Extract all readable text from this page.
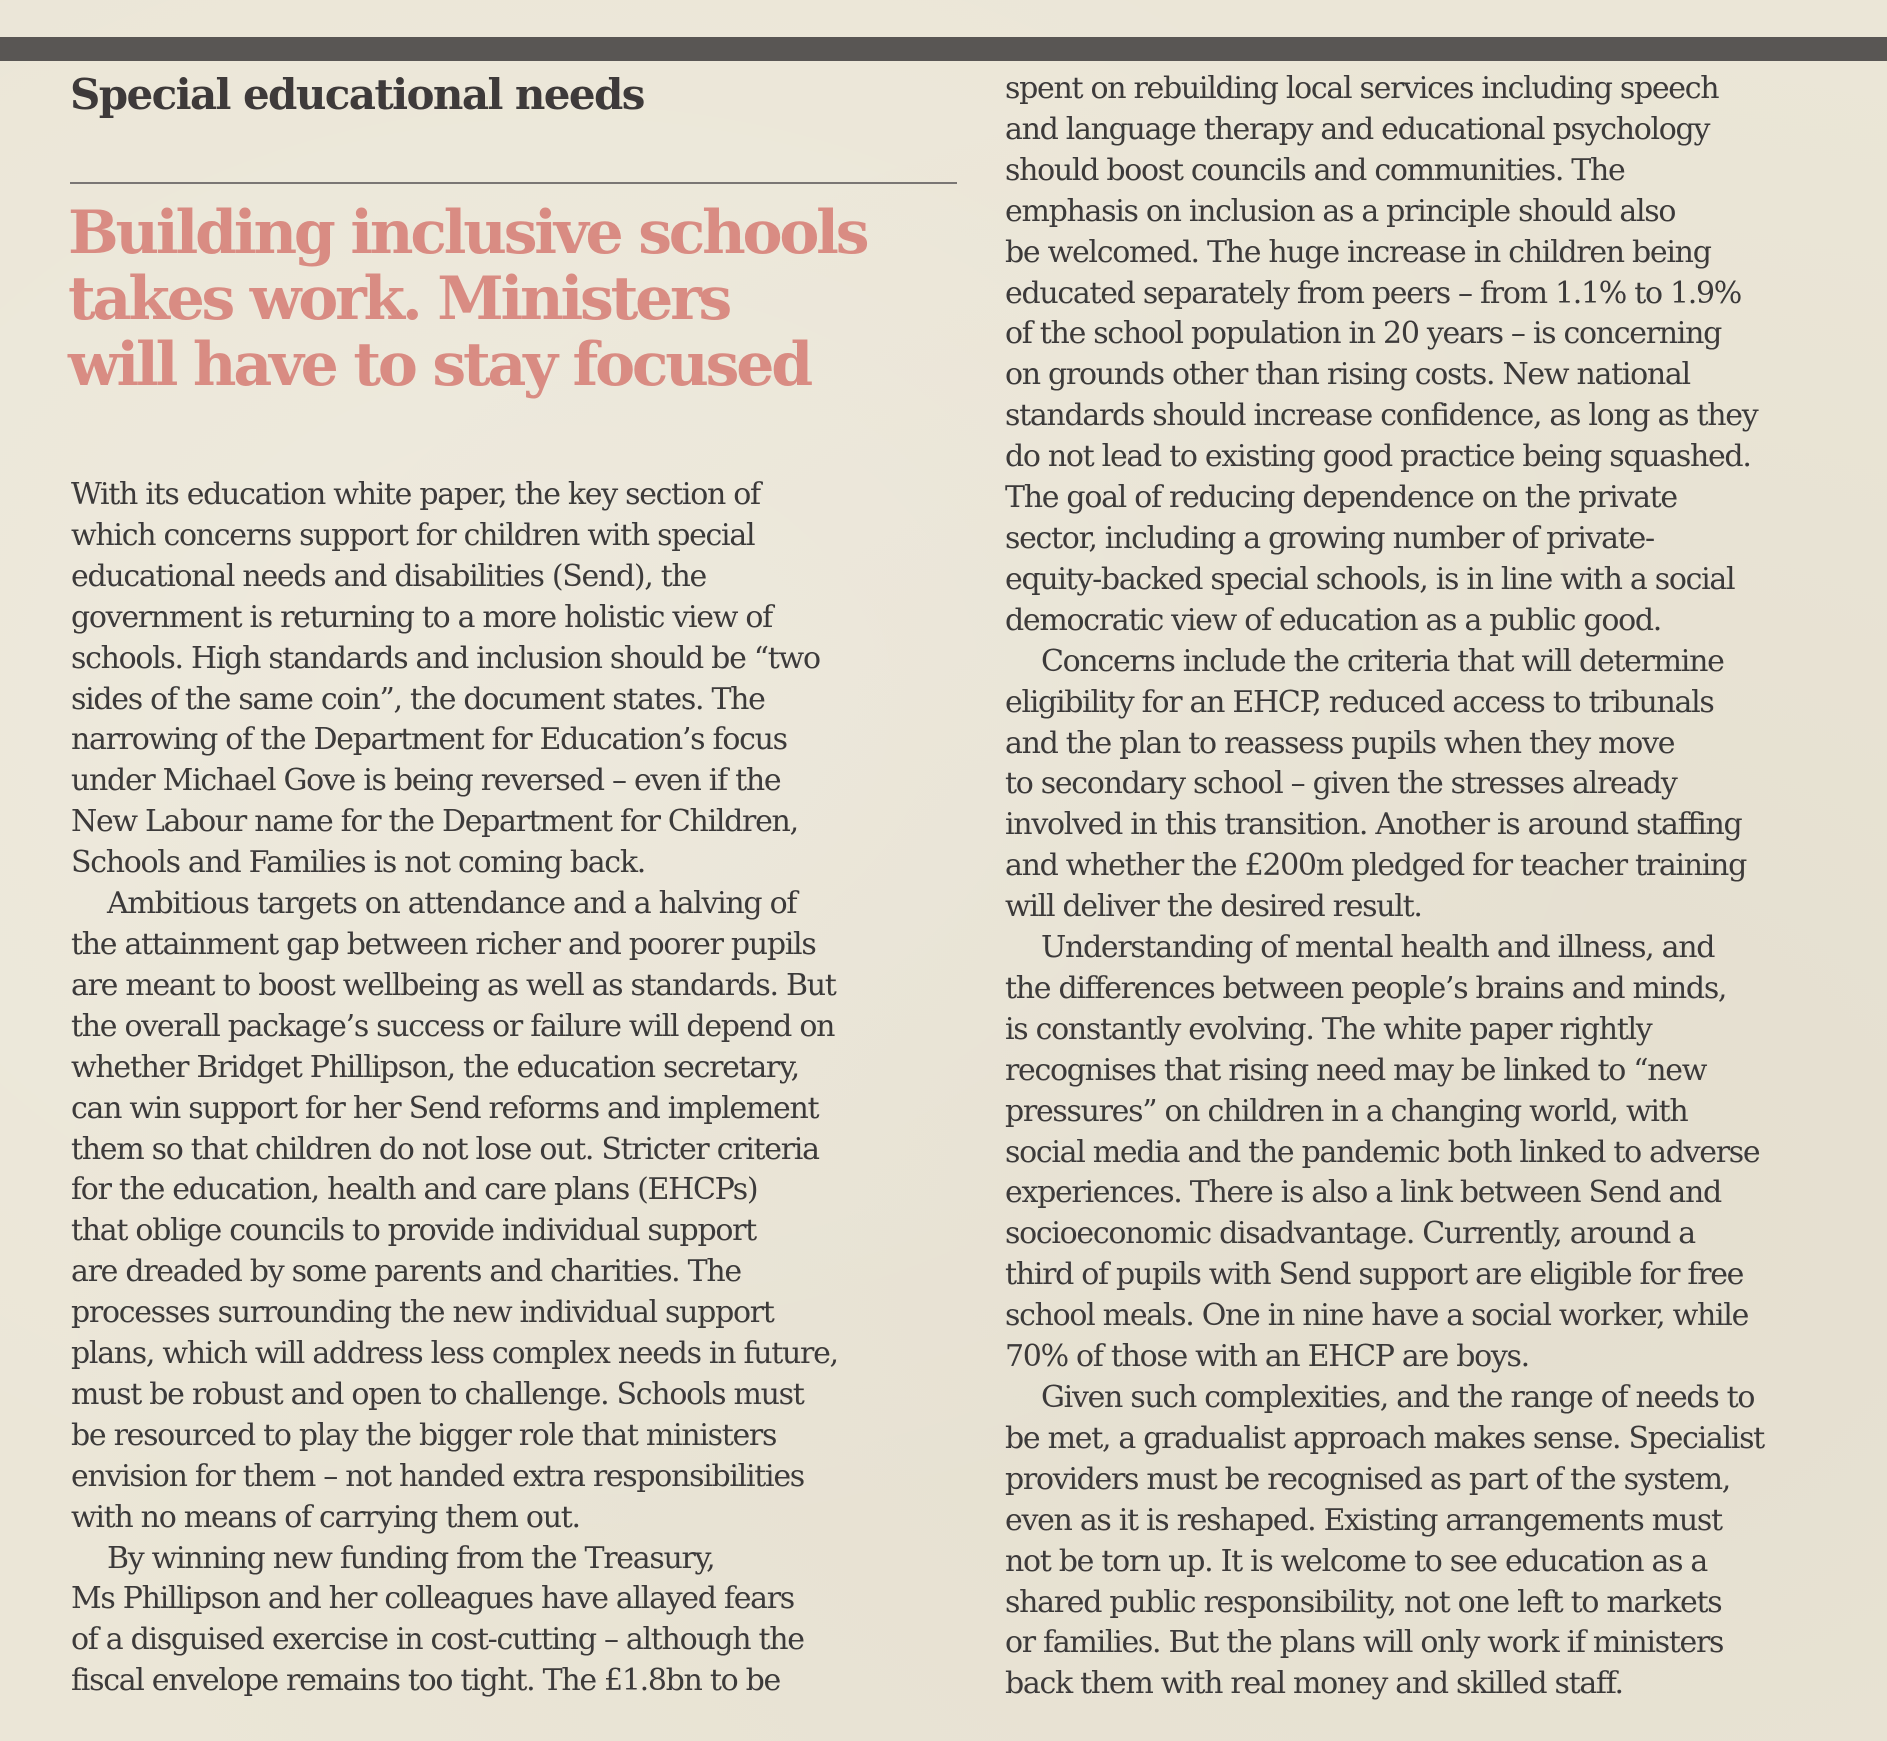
Special educational needs
Building inclusive schools
takes work. Ministers
will have to stay focused
With its education white paper, the key section of
which concerns support for children with special
educational needs and disabilities (Send), the
government is returning to a more holistic view of
schools. High standards and inclusion should be “two
sides of the same coin”, the document states. The
narrowing of the Department for Education’s focus
under Michael Gove is being reversed – even if the
New Labour name for the Department for Children,
Schools and Families is not coming back.
Ambitious targets on attendance and a halving of
the attainment gap between richer and poorer pupils
are meant to boost wellbeing as well as standards. But
the overall package’s success or failure will depend on
whether Bridget Phillipson, the education secretary,
can win support for her Send reforms and implement
them so that children do not lose out. Stricter criteria
for the education, health and care plans (EHCPs)
that oblige councils to provide individual support
are dreaded by some parents and charities. The
processes surrounding the new individual support
plans, which will address less complex needs in future,
must be robust and open to challenge. Schools must
be resourced to play the bigger role that ministers
envision for them – not handed extra responsibilities
with no means of carrying them out.
By winning new funding from the Treasury,
Ms Phillipson and her colleagues have allayed fears
of a disguised exercise in cost-cutting – although the
fiscal envelope remains too tight. The £1.8bn to be
spent on rebuilding local services including speech
and language therapy and educational psychology
should boost councils and communities. The
emphasis on inclusion as a principle should also
be welcomed. The huge increase in children being
educated separately from peers – from 1.1% to 1.9%
of the school population in 20 years – is concerning
on grounds other than rising costs. New national
standards should increase confidence, as long as they
do not lead to existing good practice being squashed.
The goal of reducing dependence on the private
sector, including a growing number of private-
equity-backed special schools, is in line with a social
democratic view of education as a public good.
Concerns include the criteria that will determine
eligibility for an EHCP, reduced access to tribunals
and the plan to reassess pupils when they move
to secondary school – given the stresses already
involved in this transition. Another is around staffing
and whether the £200m pledged for teacher training
will deliver the desired result.
Understanding of mental health and illness, and
the differences between people’s brains and minds,
is constantly evolving. The white paper rightly
recognises that rising need may be linked to “new
pressures” on children in a changing world, with
social media and the pandemic both linked to adverse
experiences. There is also a link between Send and
socioeconomic disadvantage. Currently, around a
third of pupils with Send support are eligible for free
school meals. One in nine have a social worker, while
70% of those with an EHCP are boys.
Given such complexities, and the range of needs to
be met, a gradualist approach makes sense. Specialist
providers must be recognised as part of the system,
even as it is reshaped. Existing arrangements must
not be torn up. It is welcome to see education as a
shared public responsibility, not one left to markets
or families. But the plans will only work if ministers
back them with real money and skilled staff.
